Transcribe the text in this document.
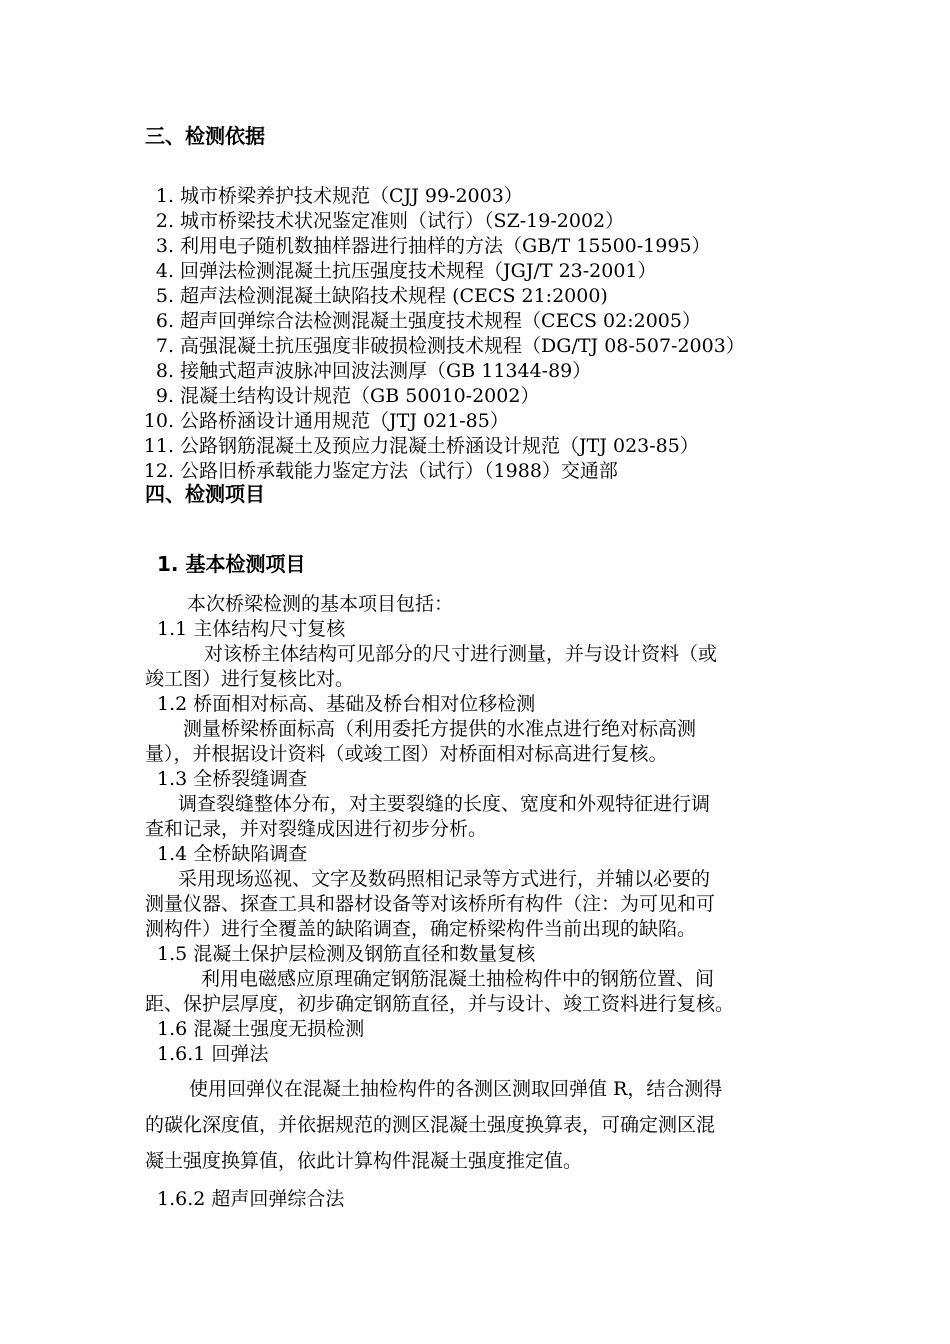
三、检测依据
1. 城市桥梁养护技术规范（CJJ 99-2003）
2. 城市桥梁技术状况鉴定准则（试行）（SZ-19-2002）
3. 利用电子随机数抽样器进行抽样的方法（GB/T 15500-1995）
4. 回弹法检测混凝土抗压强度技术规程（JGJ/T 23-2001）
5. 超声法检测混凝土缺陷技术规程 (CECS 21:2000)
6. 超声回弹综合法检测混凝土强度技术规程（CECS 02:2005）
7. 高强混凝土抗压强度非破损检测技术规程（DG/TJ 08-507-2003）
8. 接触式超声波脉冲回波法测厚（GB 11344-89）
9. 混凝土结构设计规范（GB 50010-2002）
10. 公路桥涵设计通用规范（JTJ 021-85）
11. 公路钢筋混凝土及预应力混凝土桥涵设计规范（JTJ 023-85）
12. 公路旧桥承载能力鉴定方法（试行）（1988）交通部
四、检测项目
1. 基本检测项目
本次桥梁检测的基本项目包括：
1.1 主体结构尺寸复核
对该桥主体结构可见部分的尺寸进行测量，并与设计资料（或
竣工图）进行复核比对。
1.2 桥面相对标高、基础及桥台相对位移检测
测量桥梁桥面标高（利用委托方提供的水准点进行绝对标高测
量），并根据设计资料（或竣工图）对桥面相对标高进行复核。
1.3 全桥裂缝调查
调查裂缝整体分布，对主要裂缝的长度、宽度和外观特征进行调
查和记录，并对裂缝成因进行初步分析。
1.4 全桥缺陷调查
采用现场巡视、文字及数码照相记录等方式进行，并辅以必要的
测量仪器、探查工具和器材设备等对该桥所有构件（注：为可见和可
测构件）进行全覆盖的缺陷调查，确定桥梁构件当前出现的缺陷。
1.5 混凝土保护层检测及钢筋直径和数量复核
利用电磁感应原理确定钢筋混凝土抽检构件中的钢筋位置、间
距、保护层厚度，初步确定钢筋直径，并与设计、竣工资料进行复核。
1.6 混凝土强度无损检测
1.6.1 回弹法
使用回弹仪在混凝土抽检构件的各测区测取回弹值 R，结合测得
的碳化深度值，并依据规范的测区混凝土强度换算表，可确定测区混
凝土强度换算值，依此计算构件混凝土强度推定值。
1.6.2 超声回弹综合法
